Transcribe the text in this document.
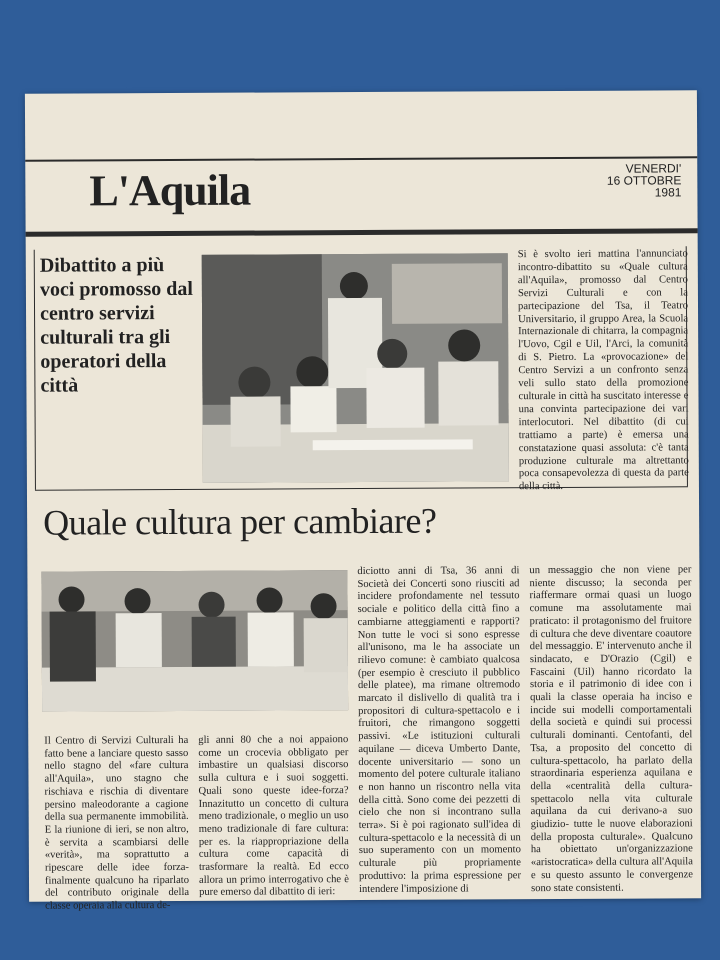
L'Aquila	VENERDI'
16 OTTOBRE
1981
Dibattito a più voci promosso dal centro servizi culturali tra gli operatori della città
Si è svolto ieri mattina l'annunciato incontro-dibattito su «Quale cultura all'Aquila», promosso dal Centro Servizi Culturali e con la partecipazione del Tsa, il Teatro Universitario, il gruppo Area, la Scuola Internazionale di chitarra, la compagnia l'Uovo, Cgil e Uil, l'Arci, la comunità di S. Pietro. La «provocazione» del Centro Servizi a un confronto senza veli sullo stato della promozione culturale in città ha suscitato interesse e una convinta partecipazione dei vari interlocutori. Nel dibattito (di cui trattiamo a parte) è emersa una constatazione quasi assoluta: c'è tanta produzione culturale ma altrettanto poca consapevolezza di questa da parte della città.
Quale cultura per cambiare?
Il Centro di Servizi Culturali ha fatto bene a lanciare questo sasso nello stagno del «fare cultura all'Aquila», uno stagno che rischiava e rischia di diventare persino maleodorante a cagione della sua permanente immobilità. E la riunione di ieri, se non altro, è servita a scambiarsi delle «verità», ma soprattutto a ripescare delle idee forza-finalmente qualcuno ha riparlato del contributo originale della classe operaia alla cultura de-
gli anni 80 che a noi appaiono come un crocevia obbligato per imbastire un qualsiasi discorso sulla cultura e i suoi soggetti. Quali sono queste idee-forza? Innazitutto un concetto di cultura meno tradizionale, o meglio un uso meno tradizionale di fare cultura: per es. la riappropriazione della cultura come capacità di trasformare la realtà. Ed ecco allora un primo interrogativo che è pure emerso dal dibattito di ieri:
diciotto anni di Tsa, 36 anni di Società dei Concerti sono riusciti ad incidere profondamente nel tessuto sociale e politico della città fino a cambiarne atteggiamenti e rapporti? Non tutte le voci si sono espresse all'unisono, ma le ha associate un rilievo comune: è cambiato qualcosa (per esempio è cresciuto il pubblico delle platee), ma rimane oltremodo marcato il dislivello di qualità tra i propositori di cultura-spettacolo e i fruitori, che rimangono soggetti passivi. «Le istituzioni culturali aquilane — diceva Umberto Dante, docente universitario — sono un momento del potere culturale italiano e non hanno un riscontro nella vita della città. Sono come dei pezzetti di cielo che non si incontrano sulla terra». Si è poi ragionato sull'idea di cultura-spettacolo e la necessità di un suo superamento con un momento culturale più propriamente produttivo: la prima espressione per intendere l'imposizione di
un messaggio che non viene per niente discusso; la seconda per riaffermare ormai quasi un luogo comune ma assolutamente mai praticato: il protagonismo del fruitore di cultura che deve diventare coautore del messaggio. E' intervenuto anche il sindacato, e D'Orazio (Cgil) e Fascaini (Uil) hanno ricordato la storia e il patrimonio di idee con i quali la classe operaia ha inciso e incide sui modelli comportamentali della società e quindi sui processi culturali dominanti. Centofanti, del Tsa, a proposito del concetto di cultura-spettacolo, ha parlato della straordinaria esperienza aquilana e della «centralità della cultura-spettacolo nella vita culturale aquilana da cui derivano-a suo giudizio- tutte le nuove elaborazioni della proposta culturale». Qualcuno ha obiettato un'organizzazione «aristocratica» della cultura all'Aquila e su questo assunto le convergenze sono state consistenti.
